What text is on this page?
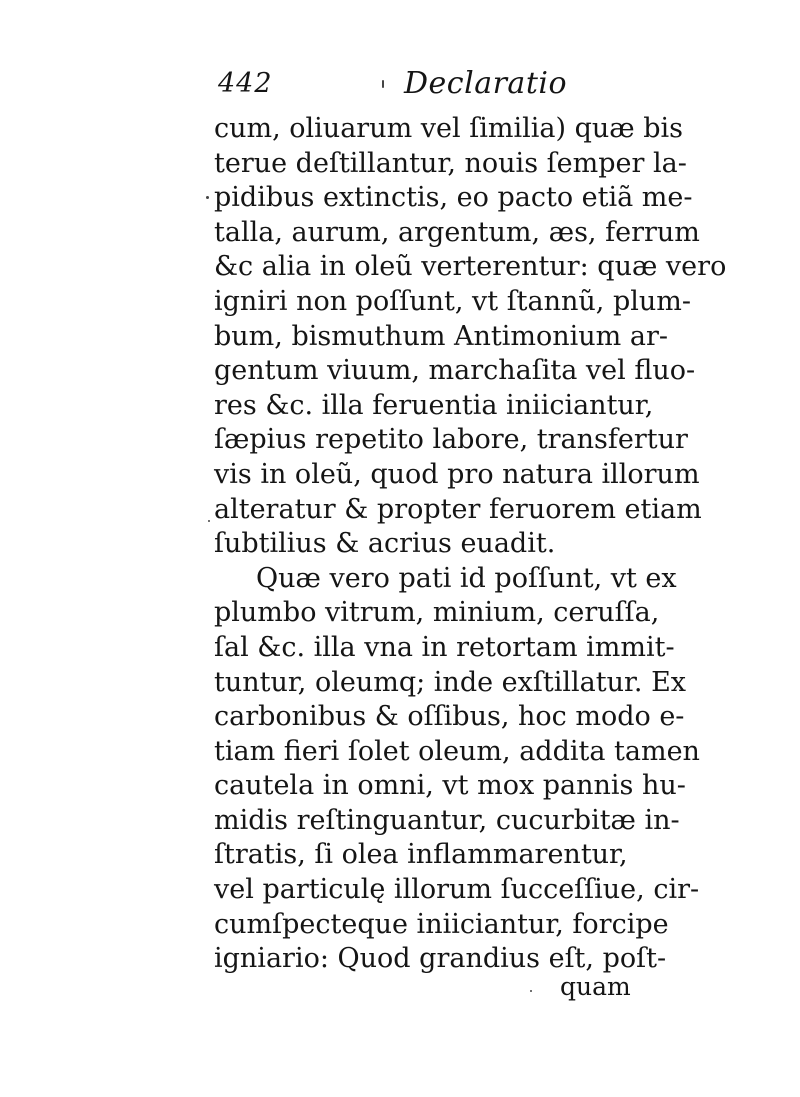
442	Declaratio
cum, oliuarum vel ſimilia) quæ bis
terue deſtillantur, nouis ſemper la-
pidibus extinctis, eo pacto etiã me-
talla, aurum, argentum, æs, ferrum
&c alia in oleũ verterentur: quæ vero
igniri non poſſunt, vt ſtannũ, plum-
bum, bismuthum Antimonium ar-
gentum viuum, marchaſita vel fluo-
res &c. illa feruentia iniiciantur,
ſæpius repetito labore, transfertur
vis in oleũ, quod pro natura illorum
alteratur & propter feruorem etiam
ſubtilius & acrius euadit.
Quæ vero pati id poſſunt, vt ex
plumbo vitrum, minium, ceruſſa,
ſal &c. illa vna in retortam immit-
tuntur, oleumq; inde exſtillatur. Ex
carbonibus & oſſibus, hoc modo e-
tiam fieri ſolet oleum, addita tamen
cautela in omni, vt mox pannis hu-
midis reſtinguantur, cucurbitæ in-
ſtratis, ſi olea inflammarentur,
vel particulę illorum ſucceſſiue, cir-
cumſpecteque iniiciantur, forcipe
igniario: Quod grandius eſt, poſt-
quam
